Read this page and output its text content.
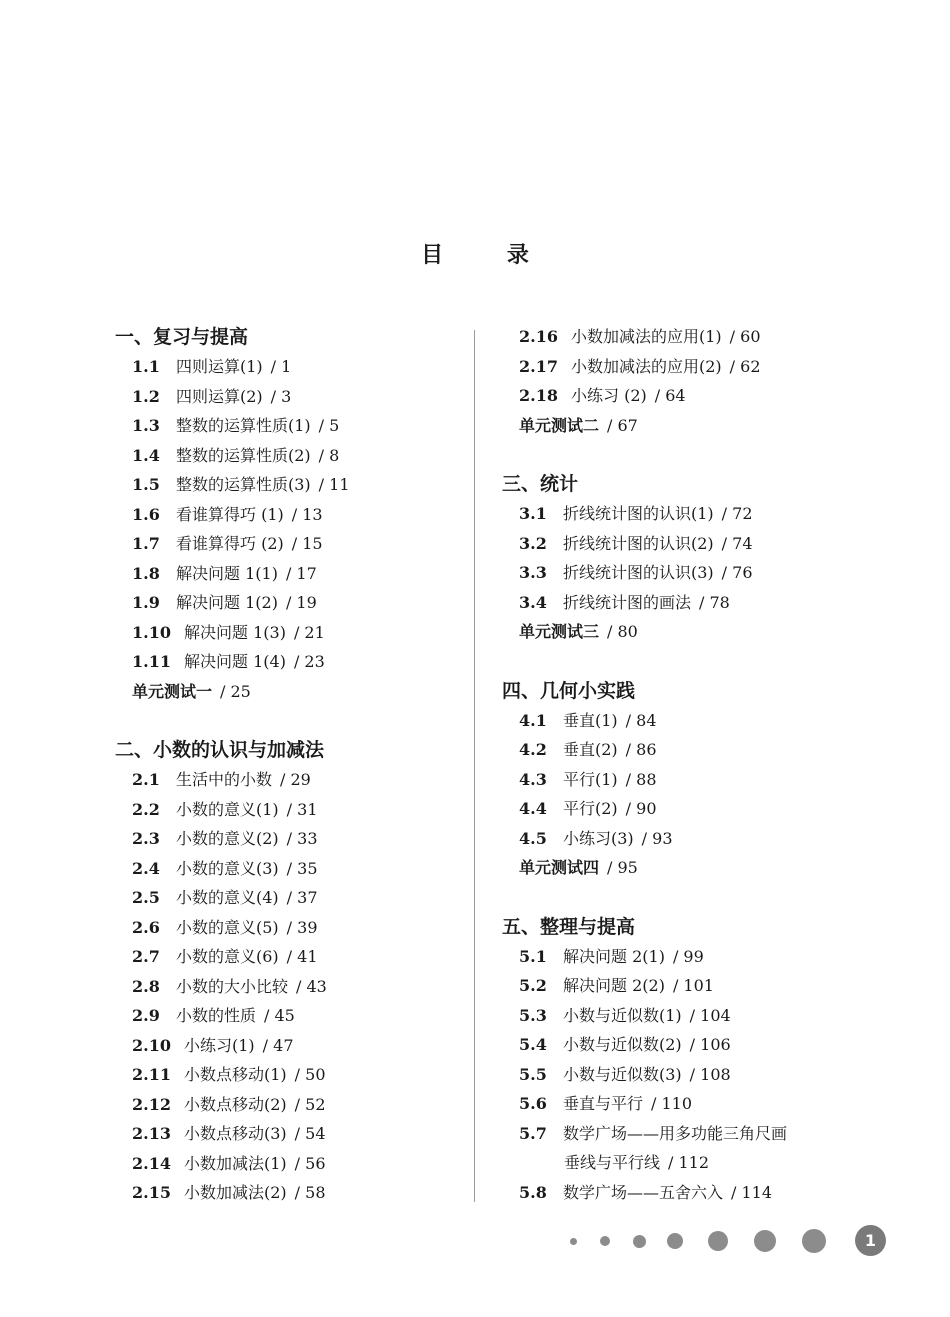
目 录
一、复习与提高
1.1	四则运算(1) / 1
1.2	四则运算(2) / 3
1.3	整数的运算性质(1) / 5
1.4	整数的运算性质(2) / 8
1.5	整数的运算性质(3) / 11
1.6	看谁算得巧 (1) / 13
1.7	看谁算得巧 (2) / 15
1.8	解决问题 1(1) / 17
1.9	解决问题 1(2) / 19
1.10 解决问题 1(3) / 21
1.11 解决问题 1(4) / 23
单元测试一 / 25
二、小数的认识与加减法
2.1	生活中的小数 / 29
2.2	小数的意义(1) / 31
2.3	小数的意义(2) / 33
2.4	小数的意义(3) / 35
2.5	小数的意义(4) / 37
2.6	小数的意义(5) / 39
2.7	小数的意义(6) / 41
2.8	小数的大小比较 / 43
2.9	小数的性质 / 45
2.10 小练习(1) / 47
2.11 小数点移动(1) / 50
2.12 小数点移动(2) / 52
2.13 小数点移动(3) / 54
2.14 小数加减法(1) / 56
2.15 小数加减法(2) / 58
2.16 小数加减法的应用(1) / 60
2.17 小数加减法的应用(2) / 62
2.18 小练习 (2) / 64
单元测试二 / 67
三、统计
3.1	折线统计图的认识(1) / 72
3.2	折线统计图的认识(2) / 74
3.3	折线统计图的认识(3) / 76
3.4	折线统计图的画法 / 78
单元测试三 / 80
四、几何小实践
4.1	垂直(1) / 84
4.2	垂直(2) / 86
4.3	平行(1) / 88
4.4	平行(2) / 90
4.5	小练习(3) / 93
单元测试四 / 95
五、整理与提高
5.1	解决问题 2(1) / 99
5.2	解决问题 2(2) / 101
5.3	小数与近似数(1) / 104
5.4	小数与近似数(2) / 106
5.5	小数与近似数(3) / 108
5.6	垂直与平行 / 110
5.7	数学广场——用多功能三角尺画
垂线与平行线 / 112
5.8	数学广场——五舍六入 / 114
1
